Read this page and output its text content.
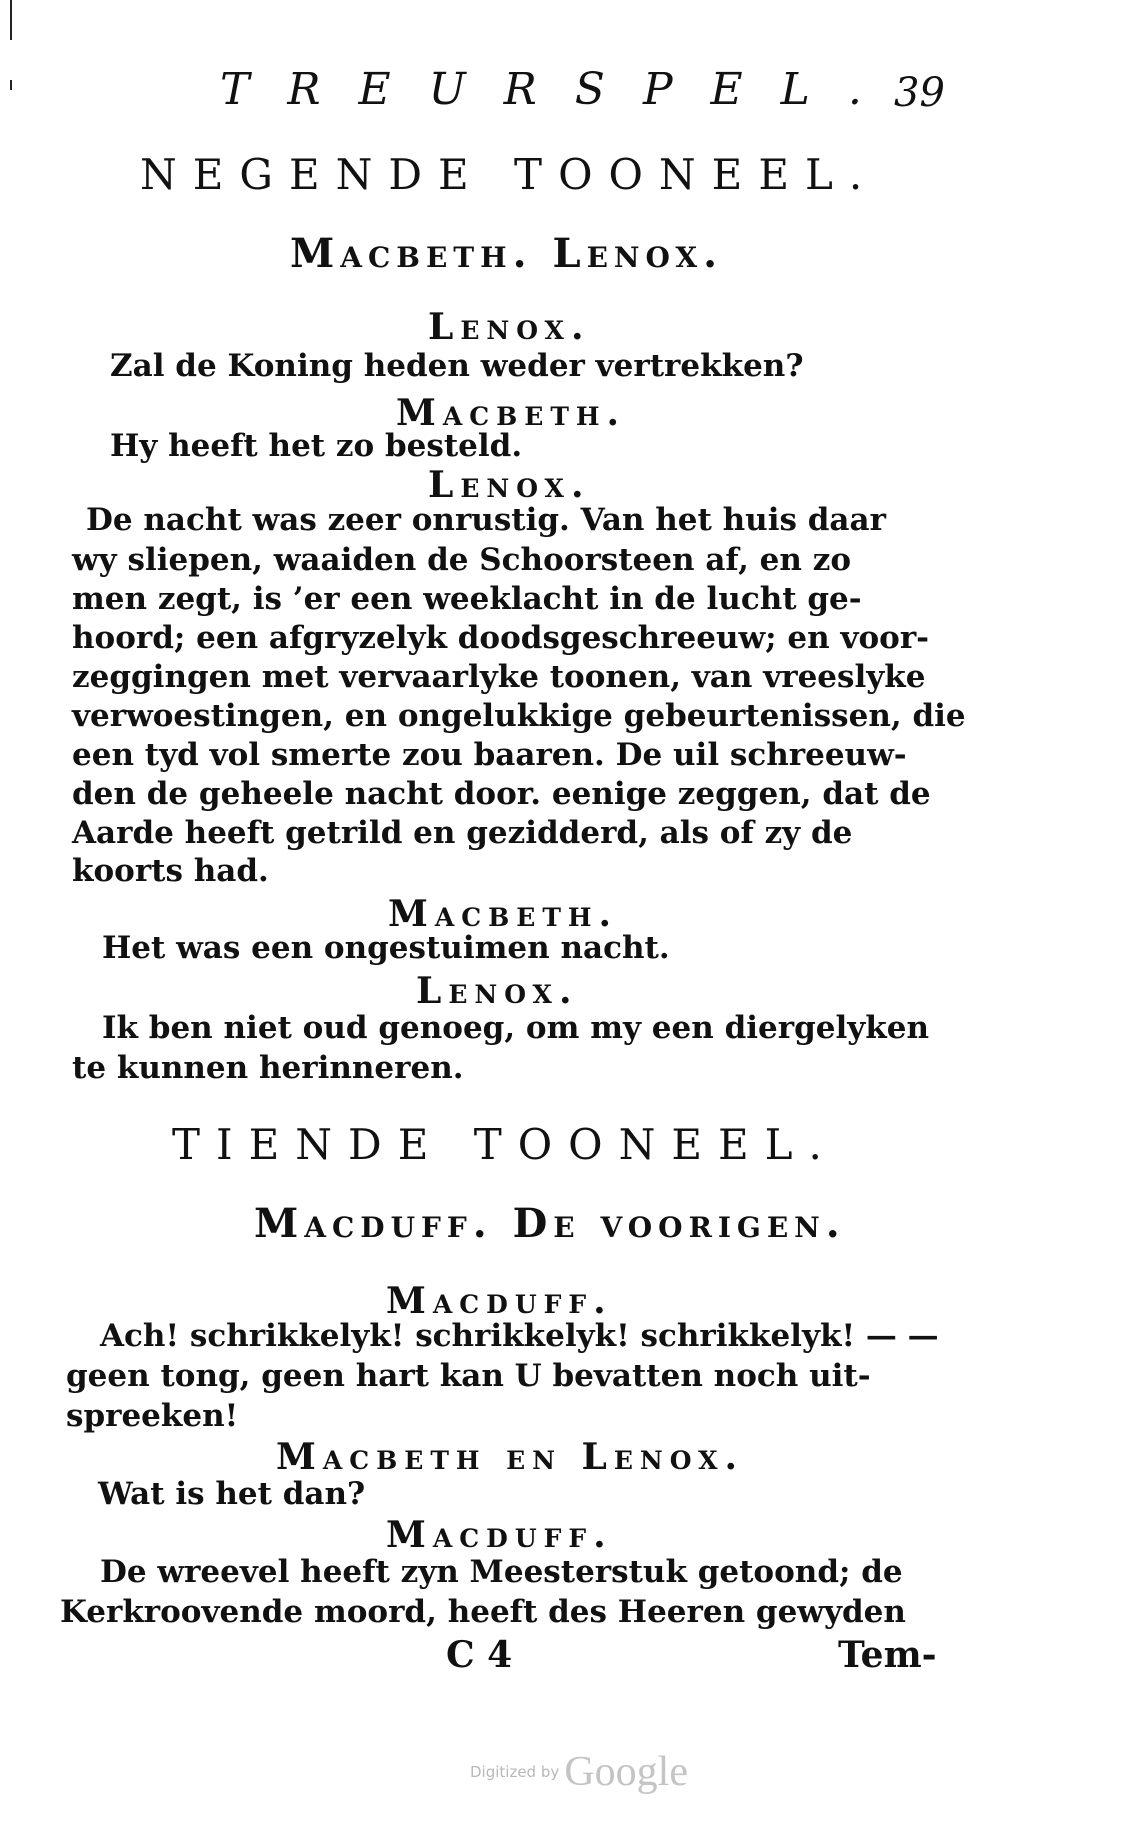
TREURSPEL.
39
NEGENDE TOONEEL.
Macbeth. Lenox.
Lenox.
Zal de Koning heden weder vertrekken?
Macbeth.
Hy heeft het zo besteld.
Lenox.
De nacht was zeer onrustig. Van het huis daar
wy sliepen, waaiden de Schoorsteen af, en zo
men zegt, is ’er een weeklacht in de lucht ge-
hoord; een afgryzelyk doodsgeschreeuw; en voor-
zeggingen met vervaarlyke toonen, van vreeslyke
verwoestingen, en ongelukkige gebeurtenissen, die
een tyd vol smerte zou baaren. De uil schreeuw-
den de geheele nacht door. eenige zeggen, dat de
Aarde heeft getrild en gezidderd, als of zy de
koorts had.
Macbeth.
Het was een ongestuimen nacht.
Lenox.
Ik ben niet oud genoeg, om my een diergelyken
te kunnen herinneren.
TIENDE TOONEEL.
Macduff. De voorigen.
Macduff.
Ach! schrikkelyk! schrikkelyk! schrikkelyk! — —
geen tong, geen hart kan U bevatten noch uit-
spreeken!
Macbeth en Lenox.
Wat is het dan?
Macduff.
De wreevel heeft zyn Meesterstuk getoond; de
Kerkroovende moord, heeft des Heeren gewyden
C 4	Tem-
Digitized by Google
